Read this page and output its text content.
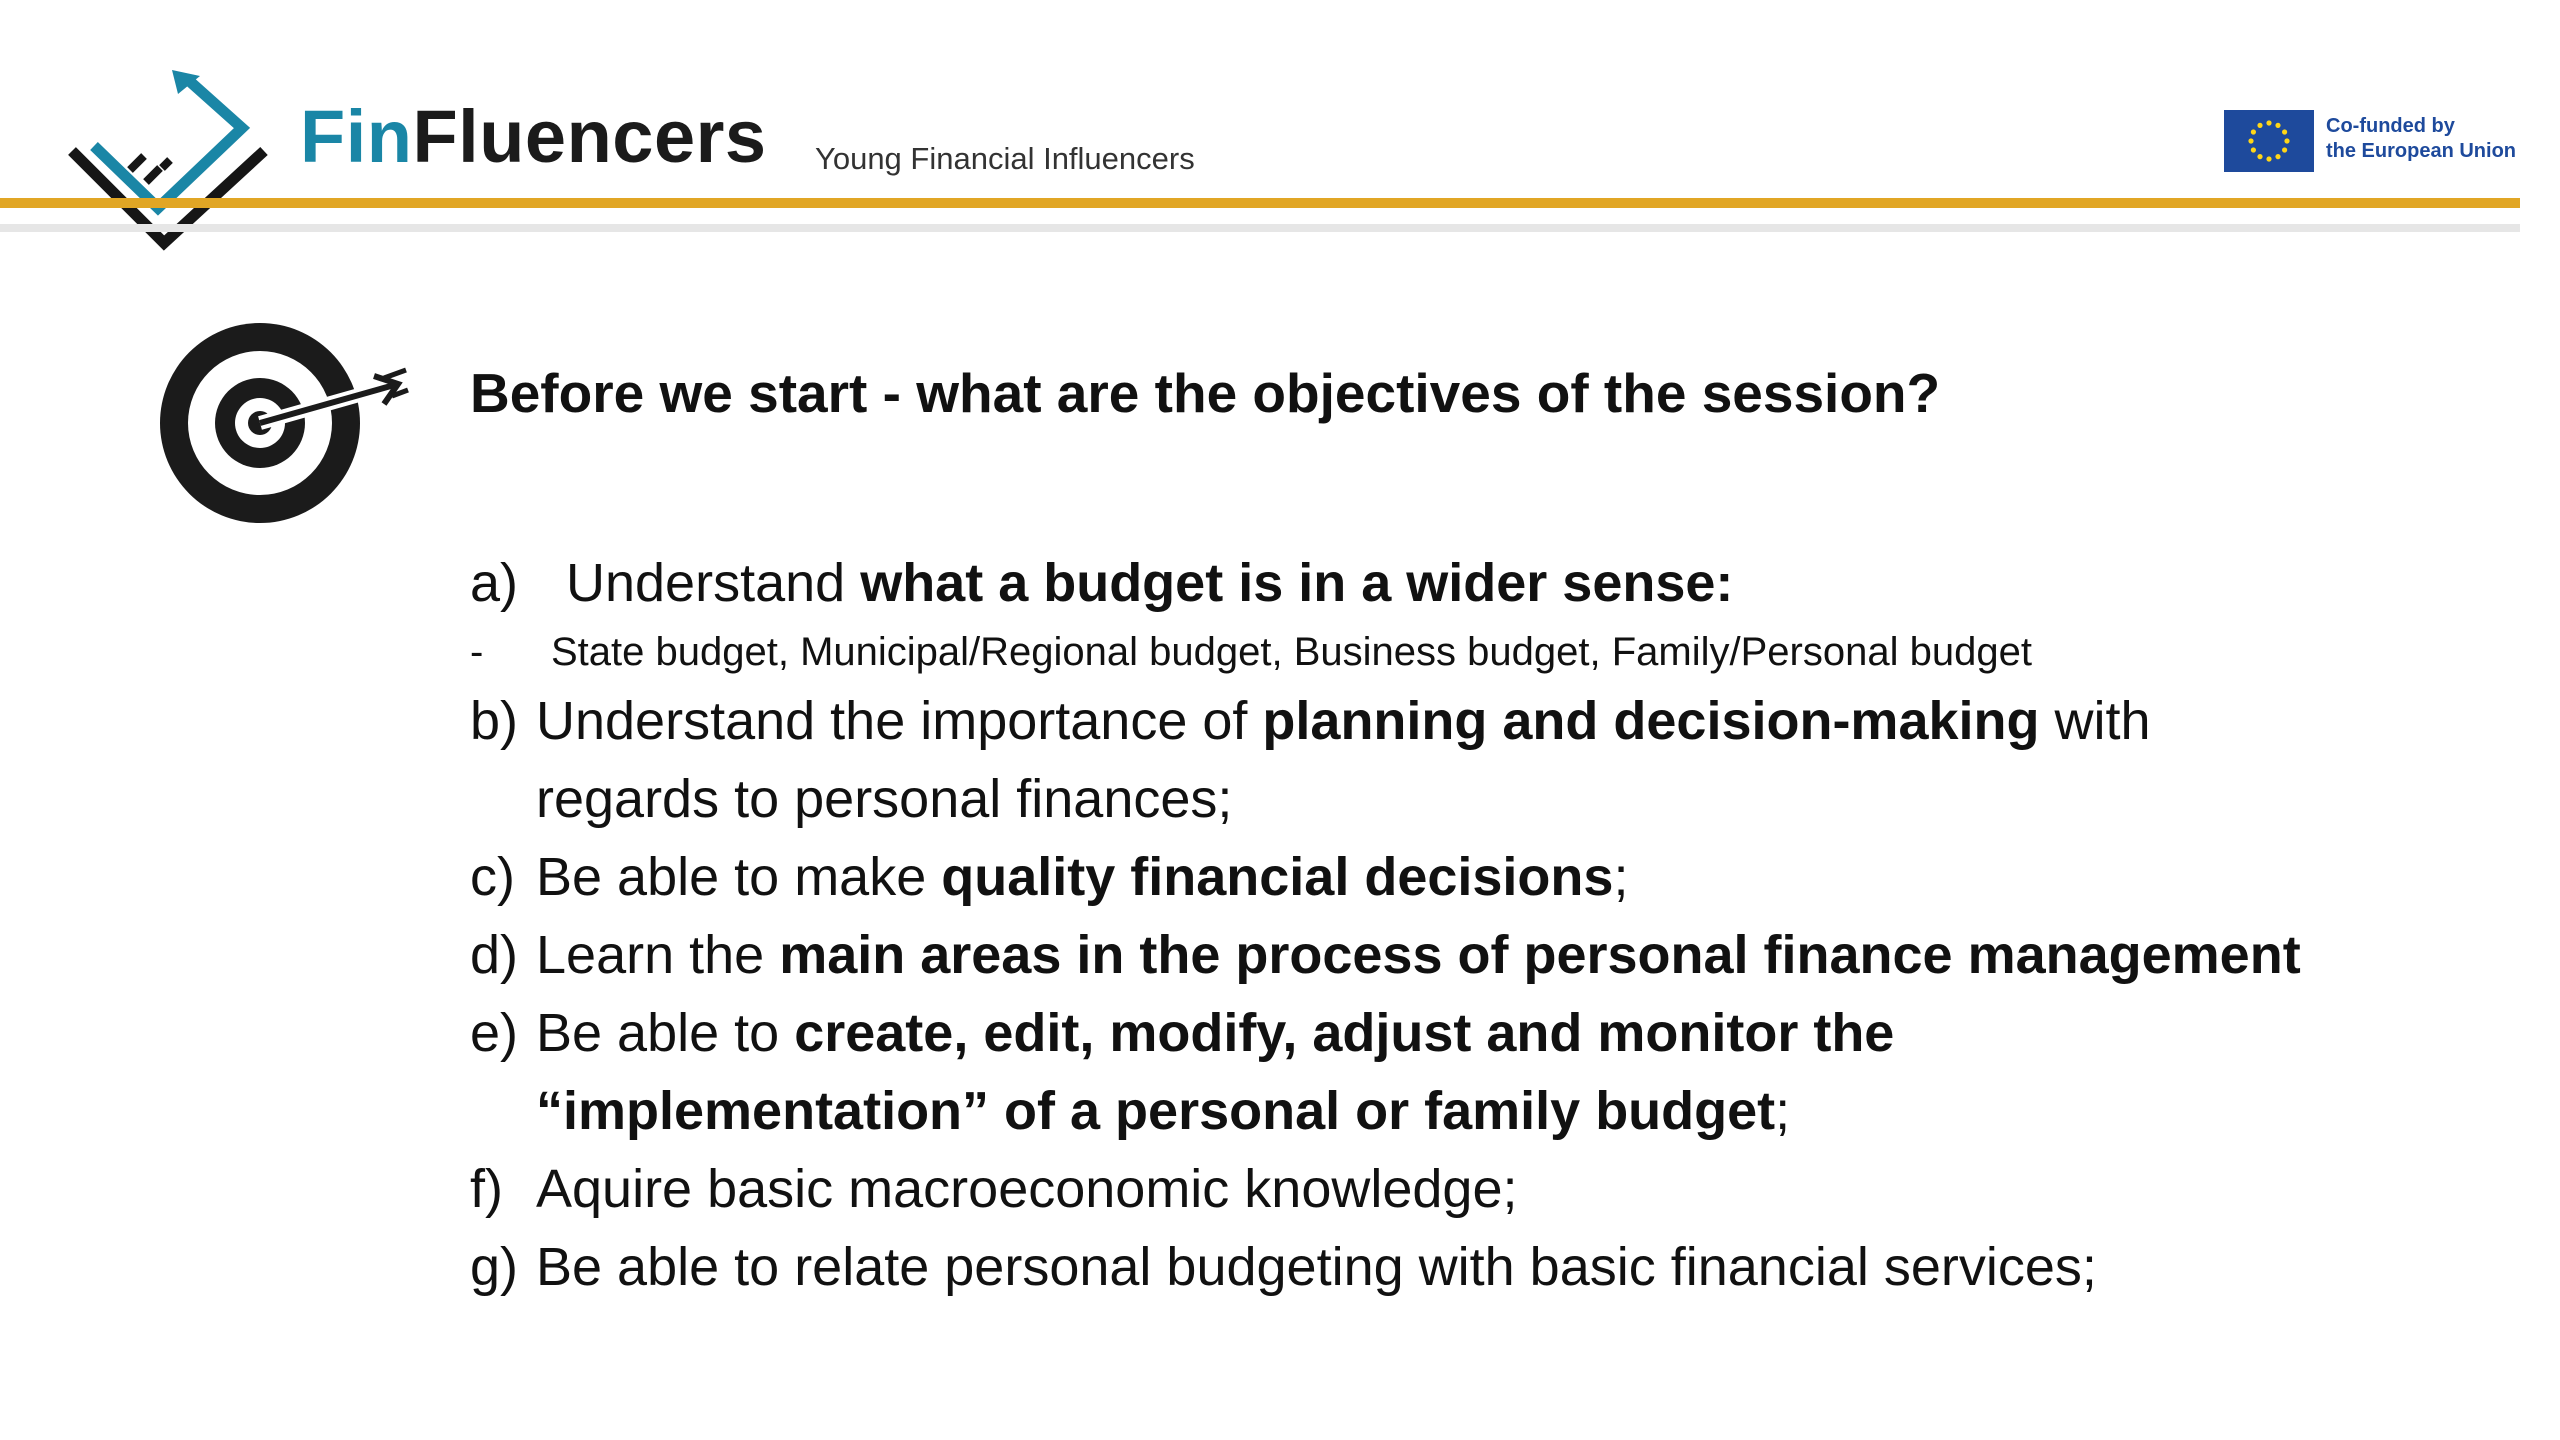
FinFluencers Young Financial Influencers
Co-funded by
the European Union
Before we start - what are the objectives of the session?
a) Understand what a budget is in a wider sense:
- State budget, Municipal/Regional budget, Business budget, Family/Personal budget
b) Understand the importance of planning and decision-making with
regards to personal finances;
c) Be able to make quality financial decisions;
d) Learn the main areas in the process of personal finance management
e) Be able to create, edit, modify, adjust and monitor the
“implementation” of a personal or family budget;
f) Aquire basic macroeconomic knowledge;
g) Be able to relate personal budgeting with basic financial services;
